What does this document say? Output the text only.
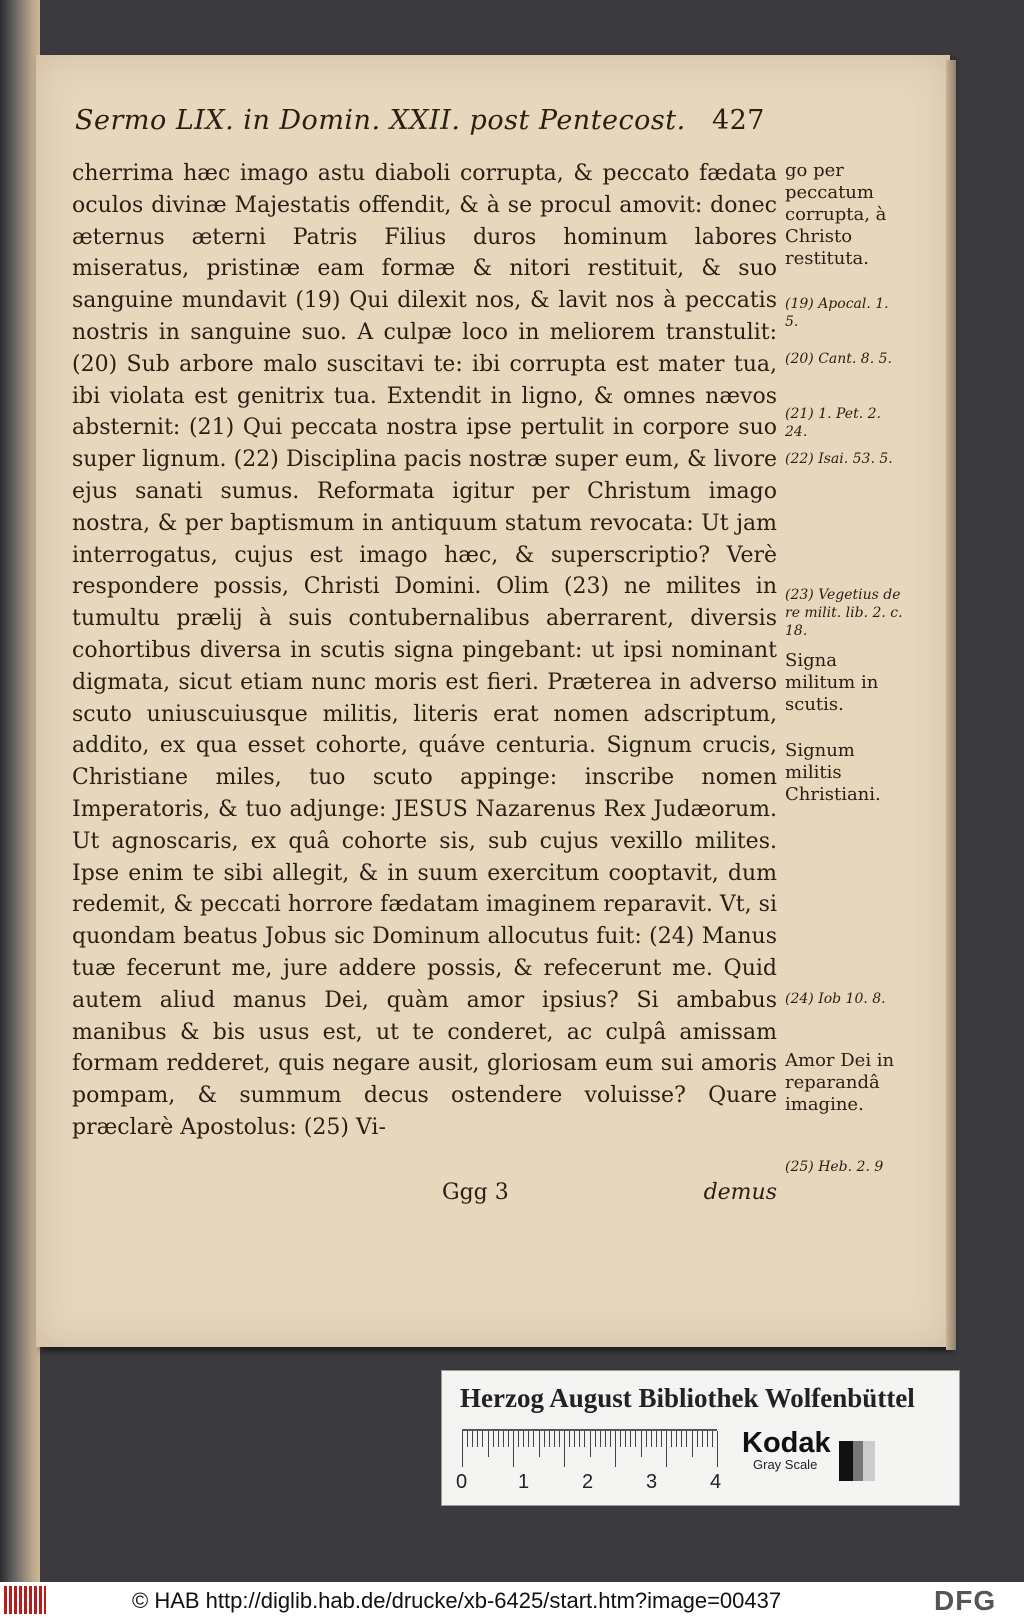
Sermo LIX. in Domin. XXII. post Pentecost. 427

cherrima hæc imago astu diaboli corrupta, & peccato fædata oculos divinæ Majestatis offendit, & à se procul amovit: donec æternus æterni Patris Filius duros hominum labores miseratus, pristinæ eam formæ & nitori restituit, & suo sanguine mundavit (19) Qui dilexit nos, & lavit nos à peccatis nostris in sanguine suo. A culpæ loco in meliorem transtulit: (20) Sub arbore malo suscitavi te: ibi corrupta est mater tua, ibi violata est genitrix tua. Extendit in ligno, & omnes nævos absternit: (21) Qui peccata nostra ipse pertulit in corpore suo super lignum. (22) Disciplina pacis nostræ super eum, & livore ejus sanati sumus. Reformata igitur per Christum imago nostra, & per baptismum in antiquum statum revocata: Ut jam interrogatus, cujus est imago hæc, & superscriptio? Verè respondere possis, Christi Domini. Olim (23) ne milites in tumultu prælij à suis contubernalibus aberrarent, diversis cohortibus diversa in scutis signa pingebant: ut ipsi nominant digmata, sicut etiam nunc moris est fieri. Præterea in adverso scuto uniuscuiusque militis, literis erat nomen adscriptum, addito, ex qua esset cohorte, quáve centuria. Signum crucis, Christiane miles, tuo scuto appinge: inscribe nomen Imperatoris, & tuo adjunge: JESUS Nazarenus Rex Judæorum. Ut agnoscaris, ex quâ cohorte sis, sub cujus vexillo milites. Ipse enim te sibi allegit, & in suum exercitum cooptavit, dum redemit, & peccati horrore fædatam imaginem reparavit. Vt, si quondam beatus Jobus sic Dominum allocutus fuit: (24) Manus tuæ fecerunt me, jure addere possis, & refecerunt me. Quid autem aliud manus Dei, quàm amor ipsius? Si ambabus manibus & bis usus est, ut te conderet, ac culpâ amissam formam redderet, quis negare ausit, gloriosam eum sui amoris pompam, & summum decus ostendere voluisse? Quare præclarè Apostolus: (25) Vi-

Ggg 3	demus
go per peccatum corrupta, à Christo restituta.
(19) Apocal. 1. 5.
(20) Cant. 8. 5.
(21) 1. Pet. 2. 24.
(22) Isai. 53. 5.
(23) Vegetius de re milit. lib. 2. c. 18.
Signa militum in scutis.
Signum militis Christiani.
(24) Iob 10. 8.
Amor Dei in reparandâ imagine.
(25) Heb. 2. 9
Herzog August Bibliothek Wolfenbüttel
0	1	2	3	4
Kodak
Gray Scale
© HAB http://diglib.hab.de/drucke/xb-6425/start.htm?image=00437	DFG
